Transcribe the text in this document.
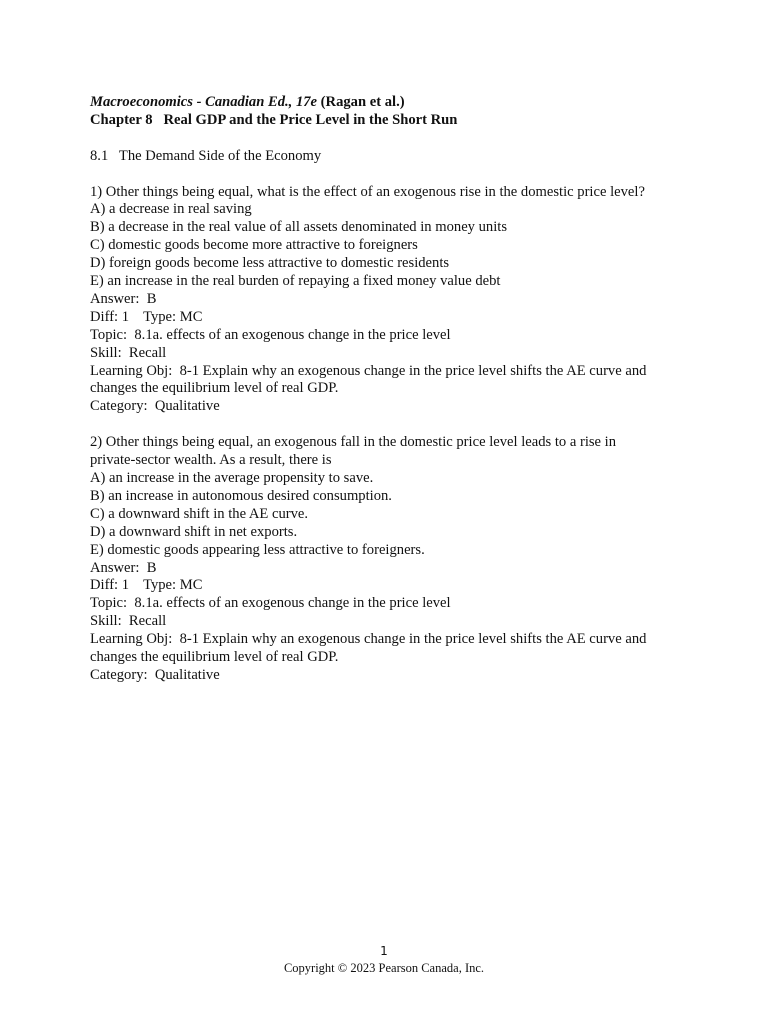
Macroeconomics - Canadian Ed., 17e (Ragan et al.)
Chapter 8   Real GDP and the Price Level in the Short Run
8.1   The Demand Side of the Economy
1) Other things being equal, what is the effect of an exogenous rise in the domestic price level?
A) a decrease in real saving
B) a decrease in the real value of all assets denominated in money units
C) domestic goods become more attractive to foreigners
D) foreign goods become less attractive to domestic residents
E) an increase in the real burden of repaying a fixed money value debt
Answer:  B
Diff: 1 Type: MC
Topic:  8.1a. effects of an exogenous change in the price level
Skill:  Recall
Learning Obj:  8-1 Explain why an exogenous change in the price level shifts the AE curve and
changes the equilibrium level of real GDP.
Category:  Qualitative
2) Other things being equal, an exogenous fall in the domestic price level leads to a rise in
private-sector wealth. As a result, there is
A) an increase in the average propensity to save.
B) an increase in autonomous desired consumption.
C) a downward shift in the AE curve.
D) a downward shift in net exports.
E) domestic goods appearing less attractive to foreigners.
Answer:  B
Diff: 1 Type: MC
Topic:  8.1a. effects of an exogenous change in the price level
Skill:  Recall
Learning Obj:  8-1 Explain why an exogenous change in the price level shifts the AE curve and
changes the equilibrium level of real GDP.
Category:  Qualitative
1
Copyright © 2023 Pearson Canada, Inc.
